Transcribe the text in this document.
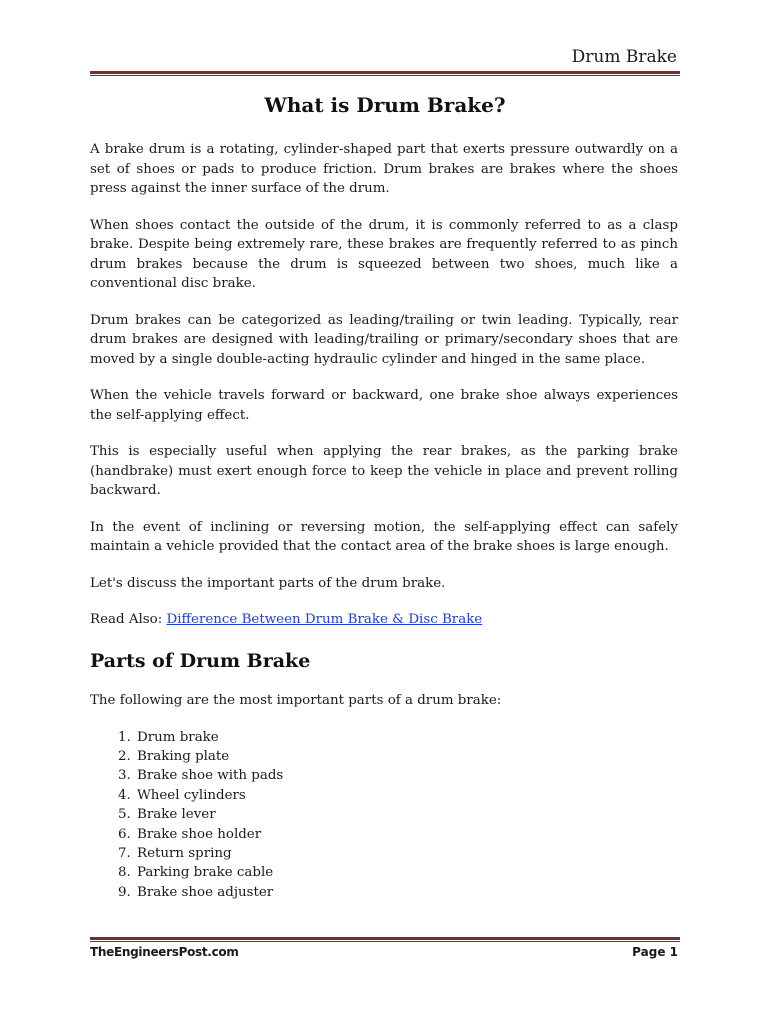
Drum Brake
What is Drum Brake?

A brake drum is a rotating, cylinder-shaped part that exerts pressure outwardly on a set of shoes or pads to produce friction. Drum brakes are brakes where the shoes press against the inner surface of the drum.

When shoes contact the outside of the drum, it is commonly referred to as a clasp brake. Despite being extremely rare, these brakes are frequently referred to as pinch drum brakes because the drum is squeezed between two shoes, much like a conventional disc brake.

Drum brakes can be categorized as leading/trailing or twin leading. Typically, rear drum brakes are designed with leading/trailing or primary/secondary shoes that are moved by a single double-acting hydraulic cylinder and hinged in the same place.

When the vehicle travels forward or backward, one brake shoe always experiences the self-applying effect.

This is especially useful when applying the rear brakes, as the parking brake (handbrake) must exert enough force to keep the vehicle in place and prevent rolling backward.

In the event of inclining or reversing motion, the self-applying effect can safely maintain a vehicle provided that the contact area of the brake shoes is large enough.

Let's discuss the important parts of the drum brake.

Read Also: Difference Between Drum Brake & Disc Brake

Parts of Drum Brake

The following are the most important parts of a drum brake:

1. Drum brake
2. Braking plate
3. Brake shoe with pads
4. Wheel cylinders
5. Brake lever
6. Brake shoe holder
7. Return spring
8. Parking brake cable
9. Brake shoe adjuster
TheEngineersPost.com	Page 1
